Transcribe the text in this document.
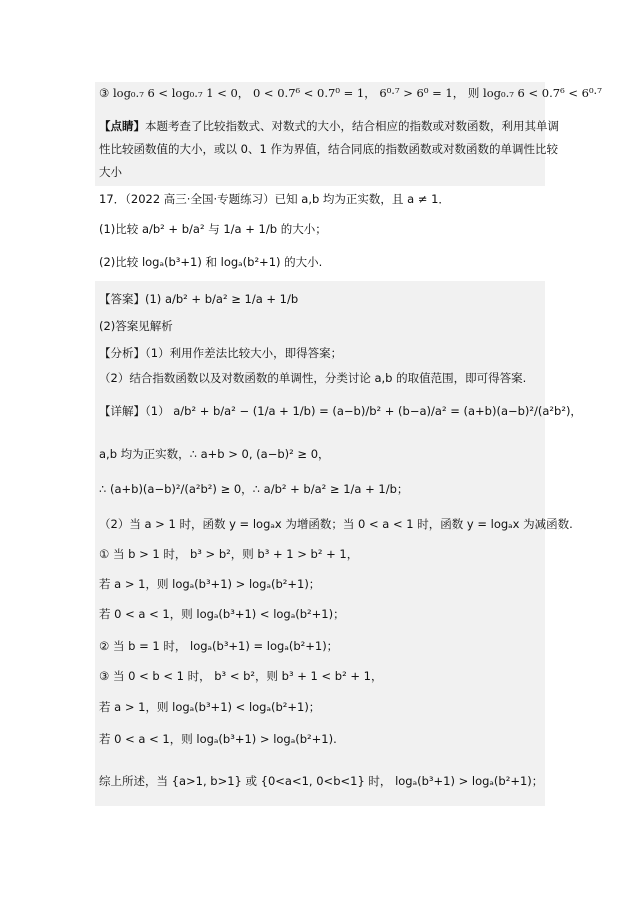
③ log₀.₇ 6 < log₀.₇ 1 < 0， 0 < 0.7⁶ < 0.7⁰ = 1， 6⁰·⁷ > 6⁰ = 1， 则 log₀.₇ 6 < 0.7⁶ < 6⁰·⁷
【点睛】本题考查了比较指数式、对数式的大小，结合相应的指数或对数函数，利用其单调
性比较函数值的大小，或以 0、1 作为界值，结合同底的指数函数或对数函数的单调性比较
大小
17．（2022 高三·全国·专题练习）已知 a,b 均为正实数，且 a ≠ 1．
(1)比较 a/b² + b/a² 与 1/a + 1/b 的大小；
(2)比较 logₐ(b³+1) 和 logₐ(b²+1) 的大小.
【答案】(1) a/b² + b/a² ≥ 1/a + 1/b
(2)答案见解析
【分析】（1）利用作差法比较大小，即得答案；
（2）结合指数函数以及对数函数的单调性，分类讨论 a,b 的取值范围，即可得答案.
【详解】（1） a/b² + b/a² − (1/a + 1/b) = (a−b)/b² + (b−a)/a² = (a+b)(a−b)²/(a²b²)，
a,b 均为正实数，∴ a+b > 0, (a−b)² ≥ 0，
∴ (a+b)(a−b)²/(a²b²) ≥ 0，∴ a/b² + b/a² ≥ 1/a + 1/b；
（2）当 a > 1 时，函数 y = logₐx 为增函数；当 0 < a < 1 时，函数 y = logₐx 为减函数.
① 当 b > 1 时， b³ > b²，则 b³ + 1 > b² + 1，
若 a > 1，则 logₐ(b³+1) > logₐ(b²+1)；
若 0 < a < 1，则 logₐ(b³+1) < logₐ(b²+1)；
② 当 b = 1 时， logₐ(b³+1) = logₐ(b²+1)；
③ 当 0 < b < 1 时， b³ < b²，则 b³ + 1 < b² + 1，
若 a > 1，则 logₐ(b³+1) < logₐ(b²+1)；
若 0 < a < 1，则 logₐ(b³+1) > logₐ(b²+1).
综上所述，当 {a>1, b>1} 或 {0<a<1, 0<b<1} 时， logₐ(b³+1) > logₐ(b²+1)；
